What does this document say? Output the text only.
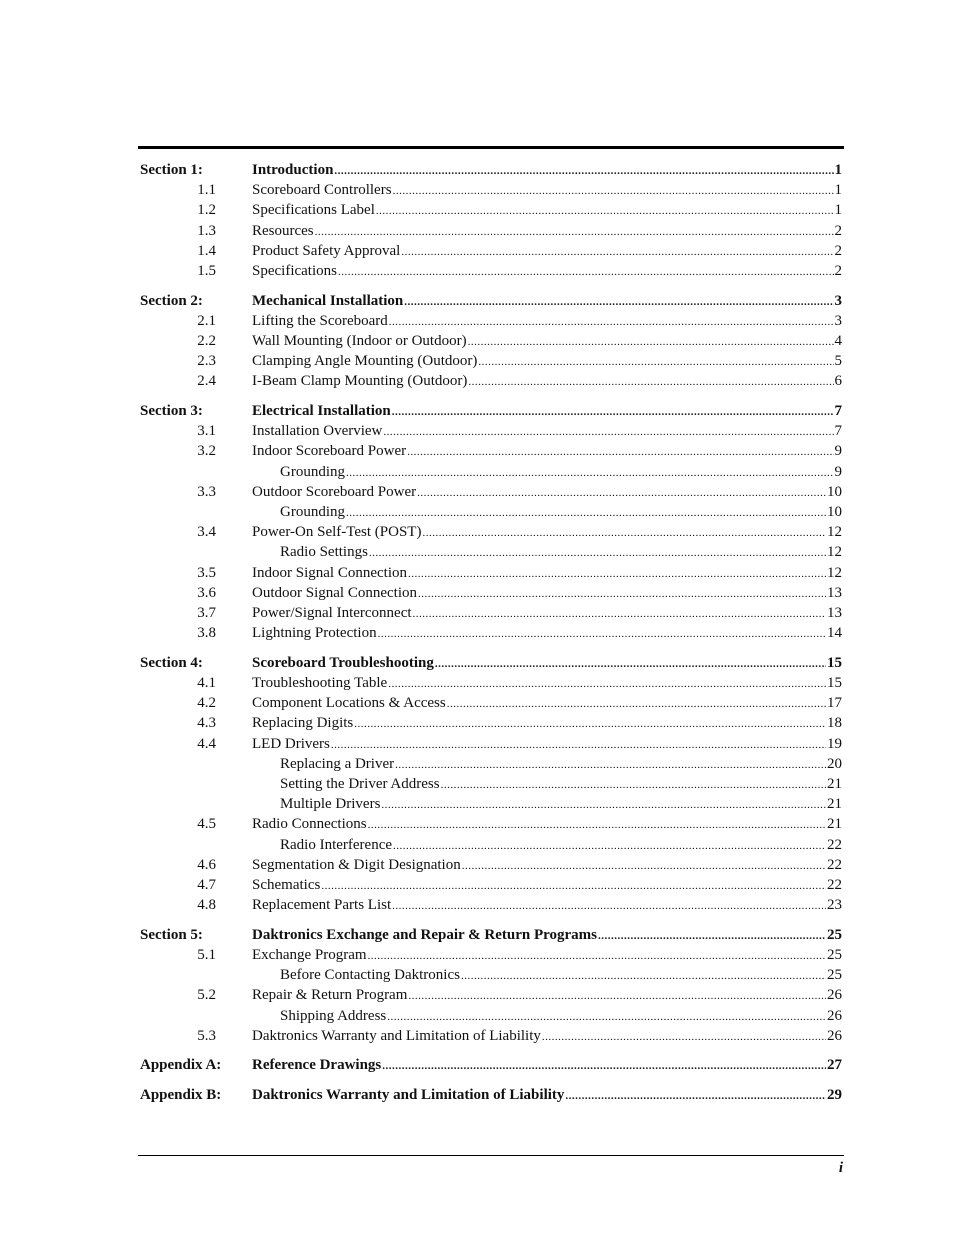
Section 1:	Introduction .....	1
1.1 Scoreboard Controllers .....	1
1.2 Specifications Label .....	1
1.3 Resources .....	2
1.4 Product Safety Approval .....	2
1.5 Specifications .....	2
Section 2:	Mechanical Installation .....	3
2.1 Lifting the Scoreboard .....	3
2.2 Wall Mounting (Indoor or Outdoor) .....	4
2.3 Clamping Angle Mounting (Outdoor) .....	5
2.4 I-Beam Clamp Mounting (Outdoor) .....	6
Section 3:	Electrical Installation .....	7
3.1 Installation Overview .....	7
3.2 Indoor Scoreboard Power .....	9
Grounding .....	9
3.3 Outdoor Scoreboard Power .....	10
Grounding .....	10
3.4 Power-On Self-Test (POST) .....	12
Radio Settings .....	12
3.5 Indoor Signal Connection .....	12
3.6 Outdoor Signal Connection .....	13
3.7 Power/Signal Interconnect .....	13
3.8 Lightning Protection .....	14
Section 4:	Scoreboard Troubleshooting .....	15
4.1 Troubleshooting Table .....	15
4.2 Component Locations & Access .....	17
4.3 Replacing Digits .....	18
4.4 LED Drivers .....	19
Replacing a Driver .....	20
Setting the Driver Address .....	21
Multiple Drivers .....	21
4.5 Radio Connections .....	21
Radio Interference .....	22
4.6 Segmentation & Digit Designation .....	22
4.7 Schematics .....	22
4.8 Replacement Parts List .....	23
Section 5:	Daktronics Exchange and Repair & Return Programs .....	25
5.1 Exchange Program .....	25
Before Contacting Daktronics .....	25
5.2 Repair & Return Program .....	26
Shipping Address .....	26
5.3 Daktronics Warranty and Limitation of Liability .....	26
Appendix A: Reference Drawings .....	27
Appendix B: Daktronics Warranty and Limitation of Liability .....	29
i
